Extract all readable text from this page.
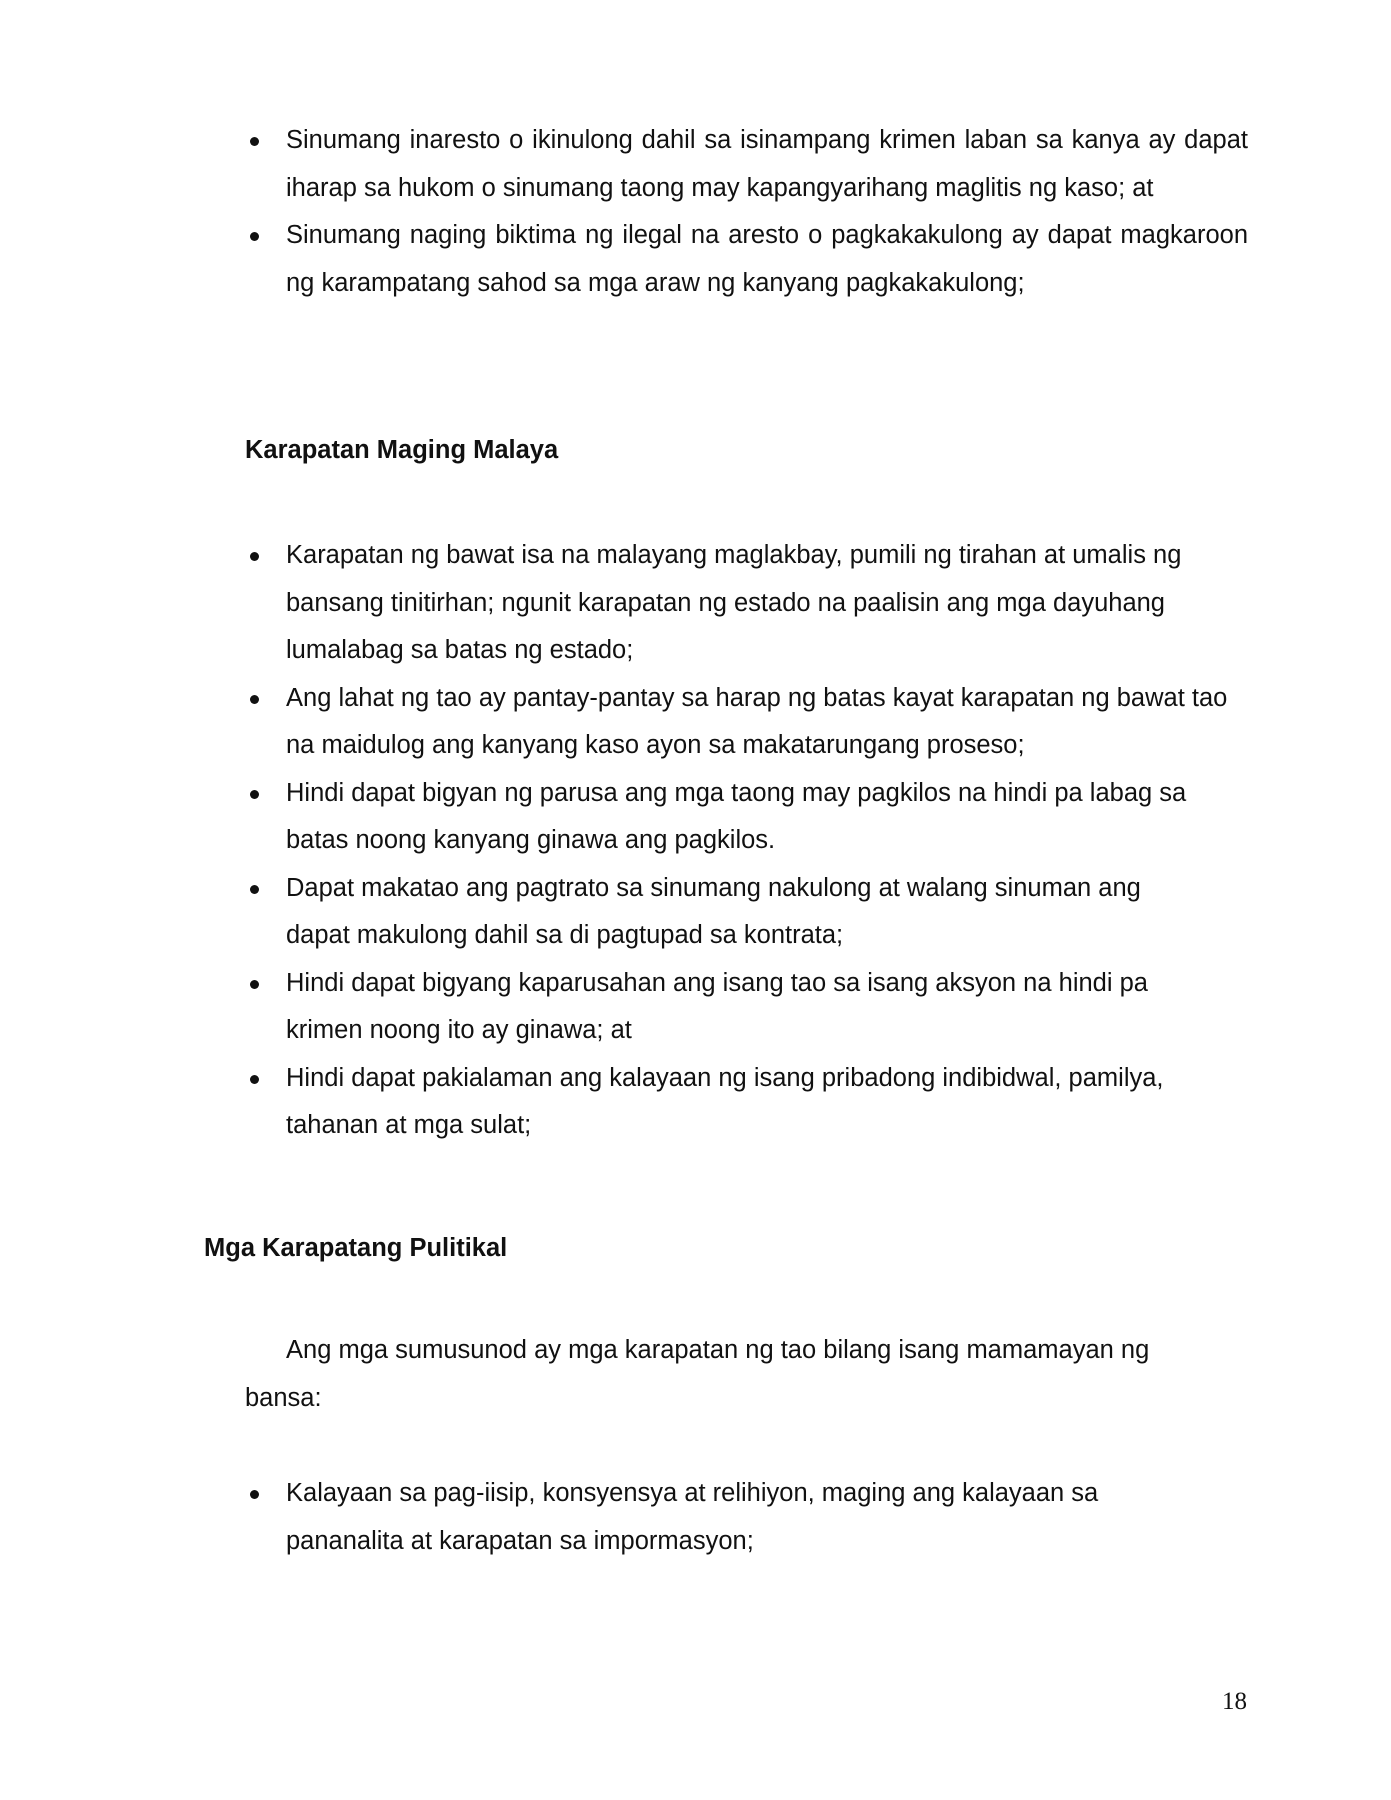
Sinumang inaresto o ikinulong dahil sa isinampang krimen laban sa kanya ay dapat iharap sa hukom o sinumang taong may kapangyarihang maglitis ng kaso; at
Sinumang naging biktima ng ilegal na aresto o pagkakakulong ay dapat magkaroon ng karampatang sahod sa mga araw ng kanyang pagkakakulong;
Karapatan Maging Malaya
Karapatan ng bawat isa na malayang maglakbay, pumili ng tirahan at umalis ng bansang tinitirhan; ngunit karapatan ng estado na paalisin ang mga dayuhang lumalabag sa batas ng estado;
Ang lahat ng tao ay pantay-pantay sa harap ng batas kayat karapatan ng bawat tao na maidulog ang kanyang kaso ayon sa makatarungang proseso;
Hindi dapat bigyan ng parusa ang mga taong may pagkilos na hindi pa labag sa batas noong kanyang ginawa ang pagkilos.
Dapat makatao ang pagtrato sa sinumang nakulong at walang sinuman ang dapat makulong dahil sa di pagtupad sa kontrata;
Hindi dapat bigyang kaparusahan ang isang tao sa isang aksyon na hindi pa krimen noong ito ay ginawa; at
Hindi dapat pakialaman ang kalayaan ng isang pribadong indibidwal, pamilya, tahanan at mga sulat;
Mga Karapatang Pulitikal
Ang mga sumusunod ay mga karapatan ng tao bilang isang mamamayan ng bansa:
Kalayaan sa pag-iisip, konsyensya at relihiyon, maging ang kalayaan sa pananalita at karapatan sa impormasyon;
18
